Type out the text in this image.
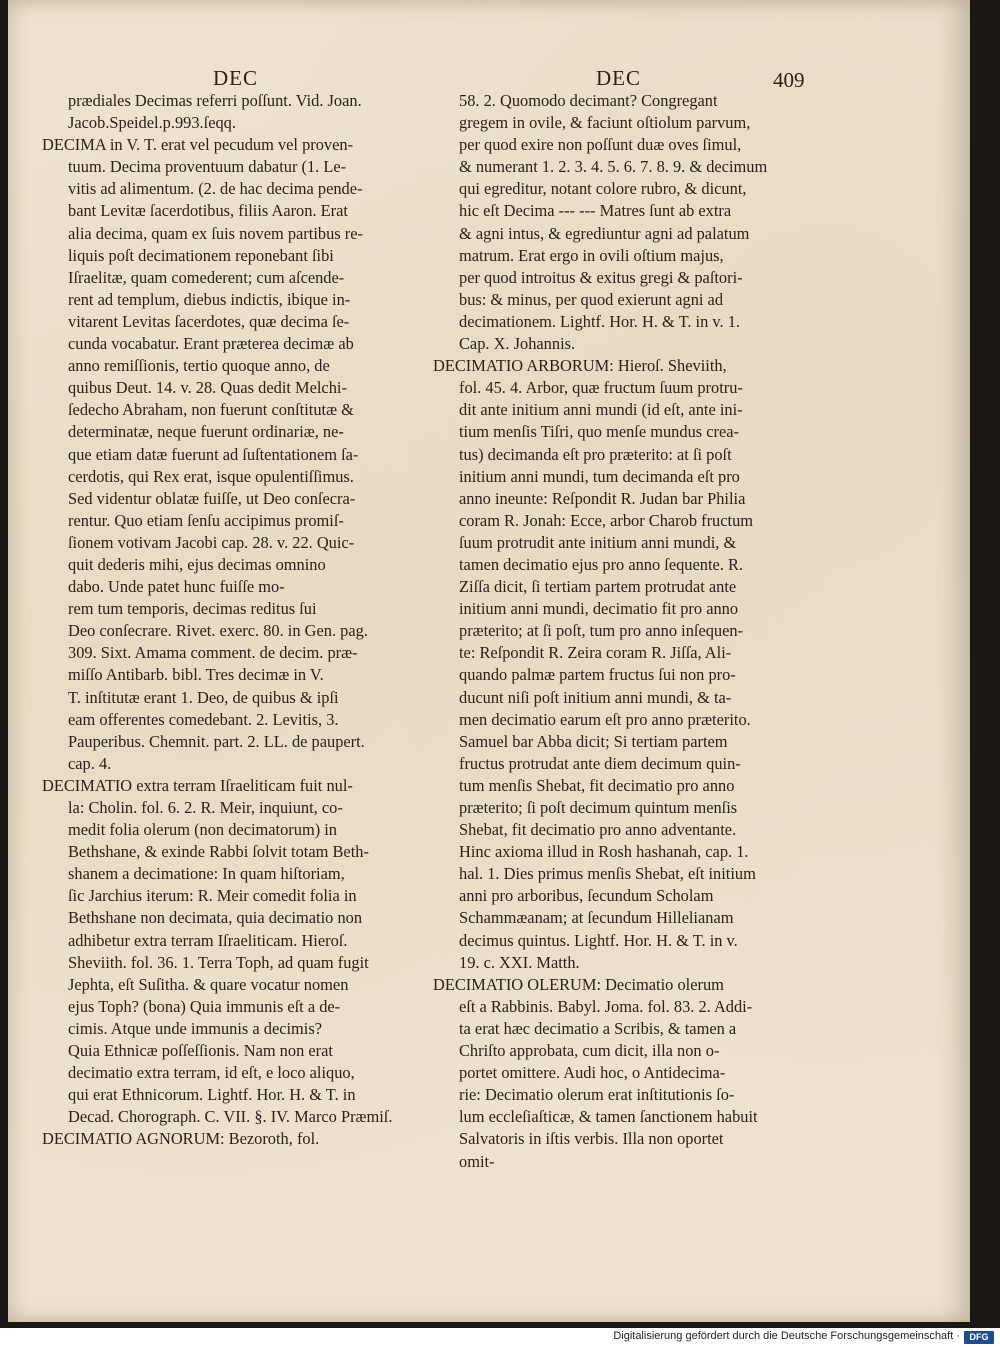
DEC	DEC	409
prædiales Decimas referri poſſunt. Vid. Joan.
Jacob.Speidel.p.993.ſeqq.
DECIMA in V. T. erat vel pecudum vel proven-
tuum. Decima proventuum dabatur (1. Le-
vitis ad alimentum. (2. de hac decima pende-
bant Levitæ ſacerdotibus, filiis Aaron. Erat
alia decima, quam ex ſuis novem partibus re-
liquis poſt decimationem reponebant ſibi
Iſraelitæ, quam comederent; cum aſcende-
rent ad templum, diebus indictis, ibique in-
vitarent Levitas ſacerdotes, quæ decima ſe-
cunda vocabatur. Erant præterea decimæ ab
anno remiſſionis, tertio quoque anno, de
quibus Deut. 14. v. 28. Quas dedit Melchi-
ſedecho Abraham, non fuerunt conſtitutæ &
determinatæ, neque fuerunt ordinariæ, ne-
que etiam datæ fuerunt ad ſuſtentationem ſa-
cerdotis, qui Rex erat, isque opulentiſſimus.
Sed videntur oblatæ fuiſſe, ut Deo conſecra-
rentur. Quo etiam ſenſu accipimus promiſ-
ſionem votivam Jacobi cap. 28. v. 22. Quic-
quit dederis mihi, ejus decimas omnino
dabo. Unde patet hunc fuiſſe mo-
rem tum temporis, decimas reditus ſui
Deo conſecrare. Rivet. exerc. 80. in Gen. pag.
309. Sixt. Amama comment. de decim. præ-
miſſo Antibarb. bibl. Tres decimæ in V.
T. inſtitutæ erant 1. Deo, de quibus & ipſi
eam offerentes comedebant. 2. Levitis, 3.
Pauperibus. Chemnit. part. 2. LL. de paupert.
cap. 4.
DECIMATIO extra terram Iſraeliticam fuit nul-
la: Cholin. fol. 6. 2. R. Meir, inquiunt, co-
medit folia olerum (non decimatorum) in
Bethshane, & exinde Rabbi ſolvit totam Beth-
shanem a decimatione: In quam hiſtoriam,
ſic Jarchius iterum: R. Meir comedit folia in
Bethshane non decimata, quia decimatio non
adhibetur extra terram Iſraeliticam. Hieroſ.
Sheviith. fol. 36. 1. Terra Toph, ad quam fugit
Jephta, eſt Suſitha. & quare vocatur nomen
ejus Toph? (bona) Quia immunis eſt a de-
cimis. Atque unde immunis a decimis?
Quia Ethnicæ poſſeſſionis. Nam non erat
decimatio extra terram, id eſt, e loco aliquo,
qui erat Ethnicorum. Lightf. Hor. H. & T. in
Decad. Chorograph. C. VII. §. IV. Marco Præmiſ.
DECIMATIO AGNORUM: Bezoroth, fol.
58. 2. Quomodo decimant? Congregant
gregem in ovile, & faciunt oſtiolum parvum,
per quod exire non poſſunt duæ oves ſimul,
& numerant 1. 2. 3. 4. 5. 6. 7. 8. 9. & decimum
qui egreditur, notant colore rubro, & dicunt,
hic eſt Decima --- --- Matres ſunt ab extra
& agni intus, & egrediuntur agni ad palatum
matrum. Erat ergo in ovili oſtium majus,
per quod introitus & exitus gregi & paſtori-
bus: & minus, per quod exierunt agni ad
decimationem. Lightf. Hor. H. & T. in v. 1.
Cap. X. Johannis.
DECIMATIO ARBORUM: Hieroſ. Sheviith,
fol. 45. 4. Arbor, quæ fructum ſuum protru-
dit ante initium anni mundi (id eſt, ante ini-
tium menſis Tiſri, quo menſe mundus crea-
tus) decimanda eſt pro præterito: at ſi poſt
initium anni mundi, tum decimanda eſt pro
anno ineunte: Reſpondit R. Judan bar Philia
coram R. Jonah: Ecce, arbor Charob fructum
ſuum protrudit ante initium anni mundi, &
tamen decimatio ejus pro anno ſequente. R.
Ziſſa dicit, ſi tertiam partem protrudat ante
initium anni mundi, decimatio fit pro anno
præterito; at ſi poſt, tum pro anno inſequen-
te: Reſpondit R. Zeira coram R. Jiſſa, Ali-
quando palmæ partem fructus ſui non pro-
ducunt niſi poſt initium anni mundi, & ta-
men decimatio earum eſt pro anno præterito.
Samuel bar Abba dicit; Si tertiam partem
fructus protrudat ante diem decimum quin-
tum menſis Shebat, fit decimatio pro anno
præterito; ſi poſt decimum quintum menſis
Shebat, fit decimatio pro anno adventante.
Hinc axioma illud in Rosh hashanah, cap. 1.
hal. 1. Dies primus menſis Shebat, eſt initium
anni pro arboribus, ſecundum Scholam
Schammæanam; at ſecundum Hillelianam
decimus quintus. Lightf. Hor. H. & T. in v.
19. c. XXI. Matth.
DECIMATIO OLERUM: Decimatio olerum
eſt a Rabbinis. Babyl. Joma. fol. 83. 2. Addi-
ta erat hæc decimatio a Scribis, & tamen a
Chriſto approbata, cum dicit, illa non o-
portet omittere. Audi hoc, o Antidecima-
rie: Decimatio olerum erat inſtitutionis ſo-
lum eccleſiaſticæ, & tamen ſanctionem habuit
Salvatoris in iſtis verbis. Illa non oportet
omit-
Digitalisierung gefördert durch die Deutsche Forschungsgemeinschaft ·	DFG
